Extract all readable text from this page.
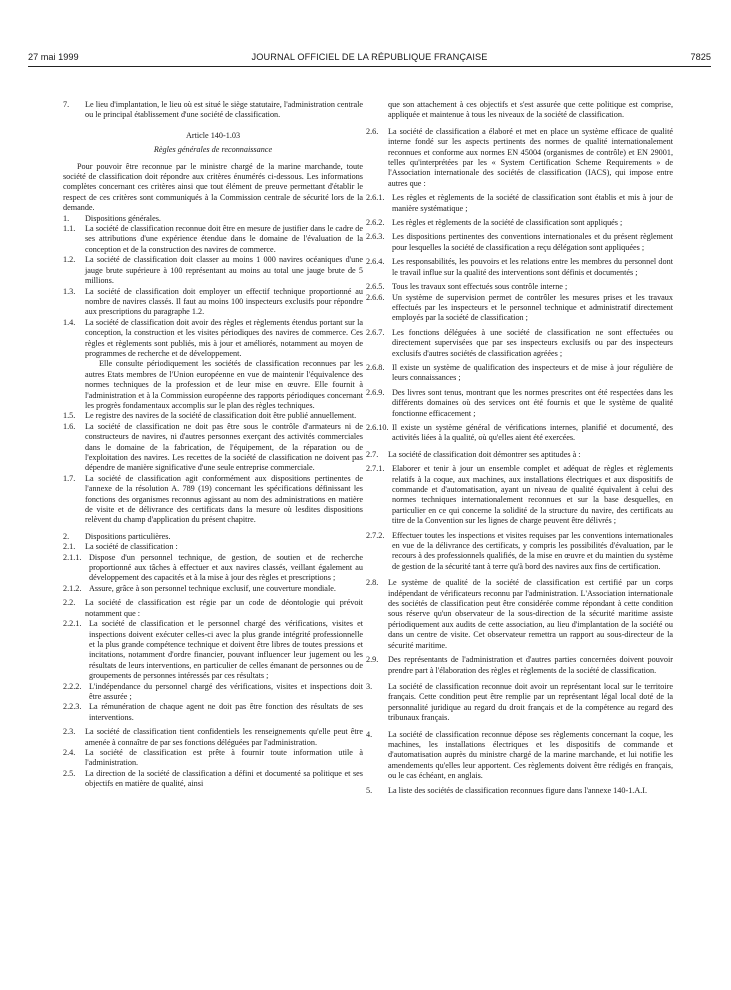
27 mai 1999	JOURNAL OFFICIEL DE LA RÉPUBLIQUE FRANÇAISE	7825
7.	Le lieu d'implantation, le lieu où est situé le siège statutaire, l'administration centrale ou le principal établissement d'une société de classification.
Article 140-1.03
Règles générales de reconnaissance

Pour pouvoir être reconnue par le ministre chargé de la marine marchande, toute société de classification doit répondre aux critères énumérés ci-dessous. Les informations complètes concernant ces critères ainsi que tout élément de preuve permettant d'établir le respect de ces critères sont communiqués à la Commission centrale de sécurité lors de la demande.

1.	Dispositions générales.
1.1.	La société de classification reconnue doit être en mesure de justifier dans le cadre de ses attributions d'une expérience étendue dans le domaine de l'évaluation de la conception et de la construction des navires de commerce.
1.2.	La société de classification doit classer au moins 1 000 navires océaniques d'une jauge brute supérieure à 100 représentant au moins au total une jauge brute de 5 millions.
1.3.	La société de classification doit employer un effectif technique proportionné au nombre de navires classés. Il faut au moins 100 inspecteurs exclusifs pour répondre aux prescriptions du paragraphe 1.2.
1.4.	La société de classification doit avoir des règles et règlements étendus portant sur la conception, la construction et les visites périodiques des navires de commerce. Ces règles et règlements sont publiés, mis à jour et améliorés, notamment au moyen de programmes de recherche et de développement.

Elle consulte périodiquement les sociétés de classification reconnues par les autres Etats membres de l'Union européenne en vue de maintenir l'équivalence des normes techniques de la profession et de leur mise en œuvre. Elle fournit à l'administration et à la Commission européenne des rapports périodiques concernant les progrès fondamentaux accomplis sur le plan des règles techniques.

1.5.	Le registre des navires de la société de classification doit être publié annuellement.
1.6.	La société de classification ne doit pas être sous le contrôle d'armateurs ni de constructeurs de navires, ni d'autres personnes exerçant des activités commerciales dans le domaine de la fabrication, de l'équipement, de la réparation ou de l'exploitation des navires. Les recettes de la société de classification ne doivent pas dépendre de manière significative d'une seule entreprise commerciale.
1.7.	La société de classification agit conformément aux dispositions pertinentes de l'annexe de la résolution A. 789 (19) concernant les spécifications définissant les fonctions des organismes reconnus agissant au nom des administrations en matière de visite et de délivrance des certificats dans la mesure où lesdites dispositions relèvent du champ d'application du présent chapitre.
2.	Dispositions particulières.
2.1.	La société de classification :
2.1.1. Dispose d'un personnel technique, de gestion, de soutien et de recherche proportionné aux tâches à effectuer et aux navires classés, veillant également au développement des capacités et à la mise à jour des règles et prescriptions ;
2.1.2. Assure, grâce à son personnel technique exclusif, une couverture mondiale.
2.2.	La société de classification est régie par un code de déontologie qui prévoit notamment que :
2.2.1. La société de classification et le personnel chargé des vérifications, visites et inspections doivent exécuter celles-ci avec la plus grande intégrité professionnelle et la plus grande compétence technique et doivent être libres de toutes pressions et incitations, notamment d'ordre financier, pouvant influencer leur jugement ou les résultats de leurs interventions, en particulier de celles émanant de personnes ou de groupements de personnes intéressés par ces résultats ;
2.2.2. L'indépendance du personnel chargé des vérifications, visites et inspections doit être assurée ;
2.2.3. La rémunération de chaque agent ne doit pas être fonction des résultats de ses interventions.
2.3.	La société de classification tient confidentiels les renseignements qu'elle peut être amenée à connaître de par ses fonctions déléguées par l'administration.
2.4.	La société de classification est prête à fournir toute information utile à l'administration.
2.5.	La direction de la société de classification a défini et documenté sa politique et ses objectifs en matière de qualité, ainsi

que son attachement à ces objectifs et s'est assurée que cette politique est comprise, appliquée et maintenue à tous les niveaux de la société de classification.

2.6.	La société de classification a élaboré et met en place un système efficace de qualité interne fondé sur les aspects pertinents des normes de qualité internationalement reconnues et conforme aux normes EN 45004 (organismes de contrôle) et EN 29001, telles qu'interprétées par les « System Certification Scheme Requirements » de l'Association internationale des sociétés de classification (IACS), qui impose entre autres que :
2.6.1. Les règles et règlements de la société de classification sont établis et mis à jour de manière systématique ;
2.6.2. Les règles et règlements de la société de classification sont appliqués ;
2.6.3. Les dispositions pertinentes des conventions internationales et du présent règlement pour lesquelles la société de classification a reçu délégation sont appliquées ;
2.6.4. Les responsabilités, les pouvoirs et les relations entre les membres du personnel dont le travail influe sur la qualité des interventions sont définis et documentés ;
2.6.5. Tous les travaux sont effectués sous contrôle interne ;
2.6.6. Un système de supervision permet de contrôler les mesures prises et les travaux effectués par les inspecteurs et le personnel technique et administratif directement employés par la société de classification ;
2.6.7. Les fonctions déléguées à une société de classification ne sont effectuées ou directement supervisées que par ses inspecteurs exclusifs ou par des inspecteurs exclusifs d'autres sociétés de classification agréées ;
2.6.8. Il existe un système de qualification des inspecteurs et de mise à jour régulière de leurs connaissances ;
2.6.9. Des livres sont tenus, montrant que les normes prescrites ont été respectées dans les différents domaines où des services ont été fournis et que le système de qualité fonctionne efficacement ;
2.6.10. Il existe un système général de vérifications internes, planifié et documenté, des activités liées à la qualité, où qu'elles aient été exercées.
2.7.	La société de classification doit démontrer ses aptitudes à :
2.7.1. Elaborer et tenir à jour un ensemble complet et adéquat de règles et règlements relatifs à la coque, aux machines, aux installations électriques et aux dispositifs de commande et d'automatisation, ayant un niveau de qualité équivalent à celui des normes techniques internationalement reconnues et sur la base desquelles, en particulier en ce qui concerne la solidité de la structure du navire, des certificats au titre de la Convention sur les lignes de charge peuvent être délivrés ;
2.7.2. Effectuer toutes les inspections et visites requises par les conventions internationales en vue de la délivrance des certificats, y compris les possibilités d'évaluation, par le recours à des professionnels qualifiés, de la mise en œuvre et du maintien du système de gestion de la sécurité tant à terre qu'à bord des navires aux fins de certification.
2.8.	Le système de qualité de la société de classification est certifié par un corps indépendant de vérificateurs reconnu par l'administration. L'Association internationale des sociétés de classification peut être considérée comme répondant à cette condition sous réserve qu'un observateur de la sous-direction de la sécurité maritime assiste périodiquement aux audits de cette association, au lieu d'implantation de la société ou dans un centre de visite. Cet observateur remettra un rapport au sous-directeur de la sécurité maritime.
2.9.	Des représentants de l'administration et d'autres parties concernées doivent pouvoir prendre part à l'élaboration des règles et règlements de la société de classification.
3.	La société de classification reconnue doit avoir un représentant local sur le territoire français. Cette condition peut être remplie par un représentant légal local doté de la personnalité juridique au regard du droit français et de la compétence au regard des tribunaux français.
4.	La société de classification reconnue dépose ses règlements concernant la coque, les machines, les installations électriques et les dispositifs de commande et d'automatisation auprès du ministre chargé de la marine marchande, et lui notifie les amendements qu'elles leur apportent. Ces règlements doivent être rédigés en français, ou le cas échéant, en anglais.
5.	La liste des sociétés de classification reconnues figure dans l'annexe 140-1.A.I.
